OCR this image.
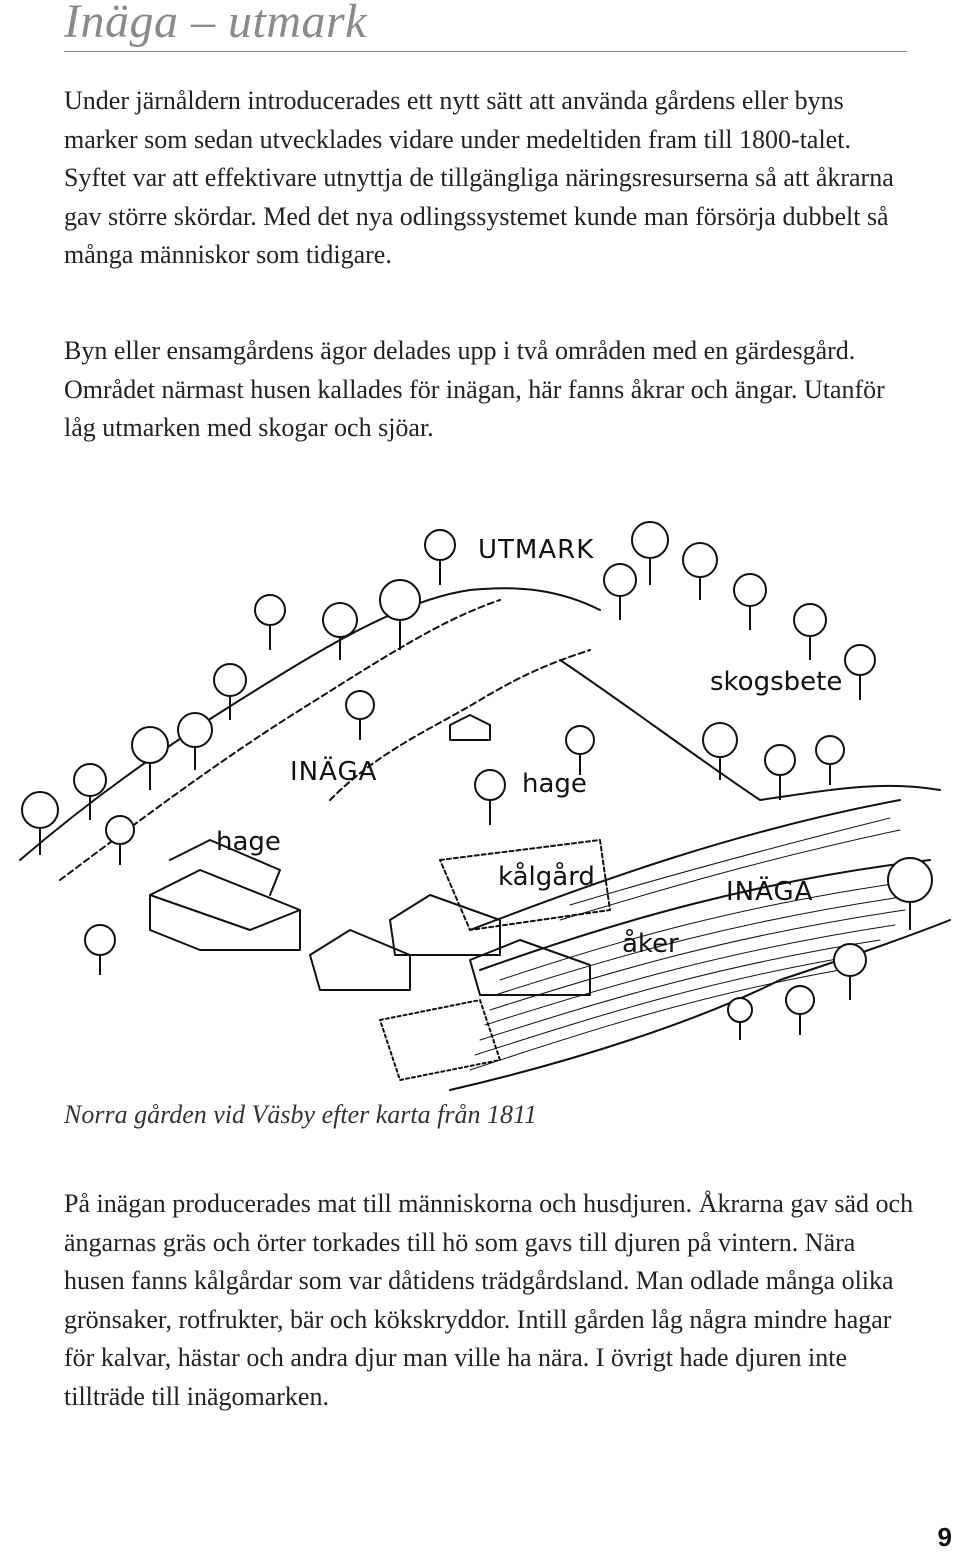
Inäga – utmark

Under järnåldern introducerades ett nytt sätt att använda gårdens eller byns marker som sedan utvecklades vidare under medeltiden fram till 1800-talet. Syftet var att effektivare utnyttja de tillgängliga näringsresurserna så att åkrarna gav större skördar. Med det nya odlingssystemet kunde man försörja dubbelt så många människor som tidigare.

Byn eller ensamgårdens ägor delades upp i två områden med en gärdesgård. Området närmast husen kallades för inägan, här fanns åkrar och ängar. Utanför låg utmarken med skogar och sjöar.

UTMARK
skogsbete
INÄGA	hage
hage
kålgård	INÄGA
åker

Norra gården vid Väsby efter karta från 1811

På inägan producerades mat till människorna och husdjuren. Åkrarna gav säd och ängarnas gräs och örter torkades till hö som gavs till djuren på vintern. Nära husen fanns kålgårdar som var dåtidens trädgårdsland. Man odlade många olika grönsaker, rotfrukter, bär och kökskryddor. Intill gården låg några mindre hagar för kalvar, hästar och andra djur man ville ha nära. I övrigt hade djuren inte tillträde till inägomarken.

9
